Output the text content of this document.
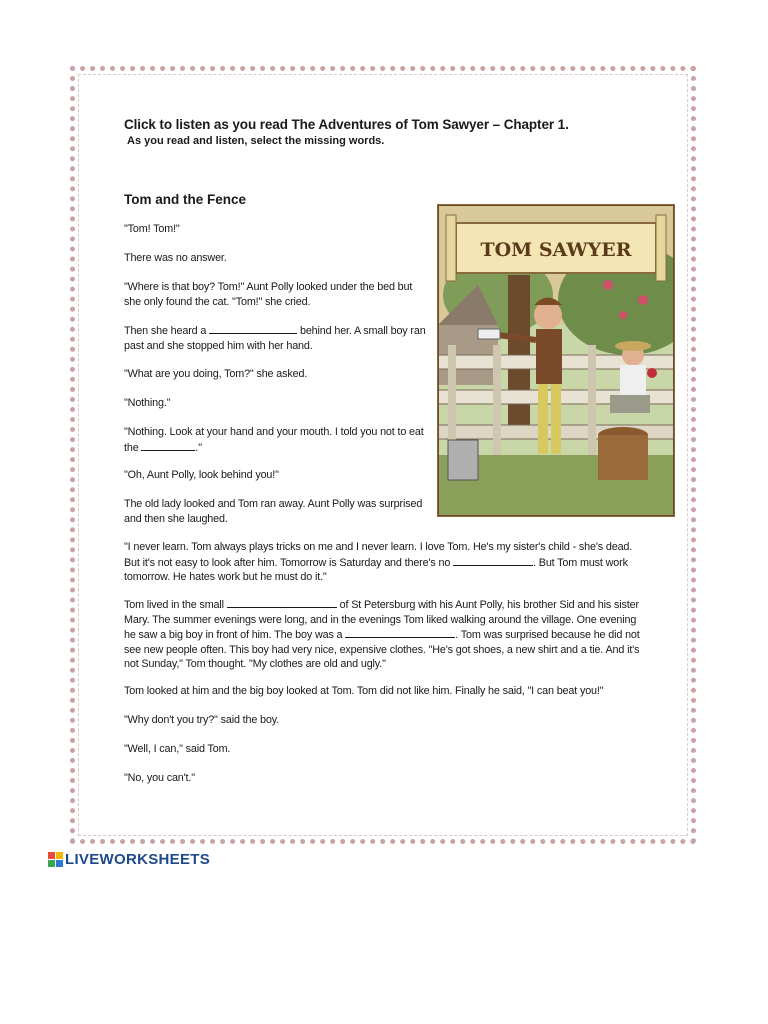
Click to listen as you read The Adventures of Tom Sawyer – Chapter 1.
As you read and listen, select the missing words.
Tom and the Fence

"Tom! Tom!"

There was no answer.

"Where is that boy? Tom!" Aunt Polly looked under the bed but she only found the cat. "Tom!" she cried.

Then she heard a	behind her. A small boy ran past and she stopped him with her hand.

"What are you doing, Tom?" she asked.

"Nothing."

"Nothing. Look at your hand and your mouth. I told you not to eat the	."

"Oh, Aunt Polly, look behind you!"

The old lady looked and Tom ran away. Aunt Polly was surprised and then she laughed.

"I never learn. Tom always plays tricks on me and I never learn. I love Tom. He's my sister's child - she's dead. But it's not easy to look after him. Tomorrow is Saturday and there's no	. But Tom must work tomorrow. He hates work but he must do it."

Tom lived in the small	of St Petersburg with his Aunt Polly, his brother Sid and his sister Mary. The summer evenings were long, and in the evenings Tom liked walking around the village. One evening he saw a big boy in front of him. The boy was a	. Tom was surprised because he did not see new people often. This boy had very nice, expensive clothes. "He's got shoes, a new shirt and a tie. And it's not Sunday," Tom thought. "My clothes are old and ugly."

Tom looked at him and the big boy looked at Tom. Tom did not like him. Finally he said, "I can beat you!"

"Why don't you try?" said the boy.

"Well, I can," said Tom.

"No, you can't."

TOM SAWYER
LIVEWORKSHEETS
